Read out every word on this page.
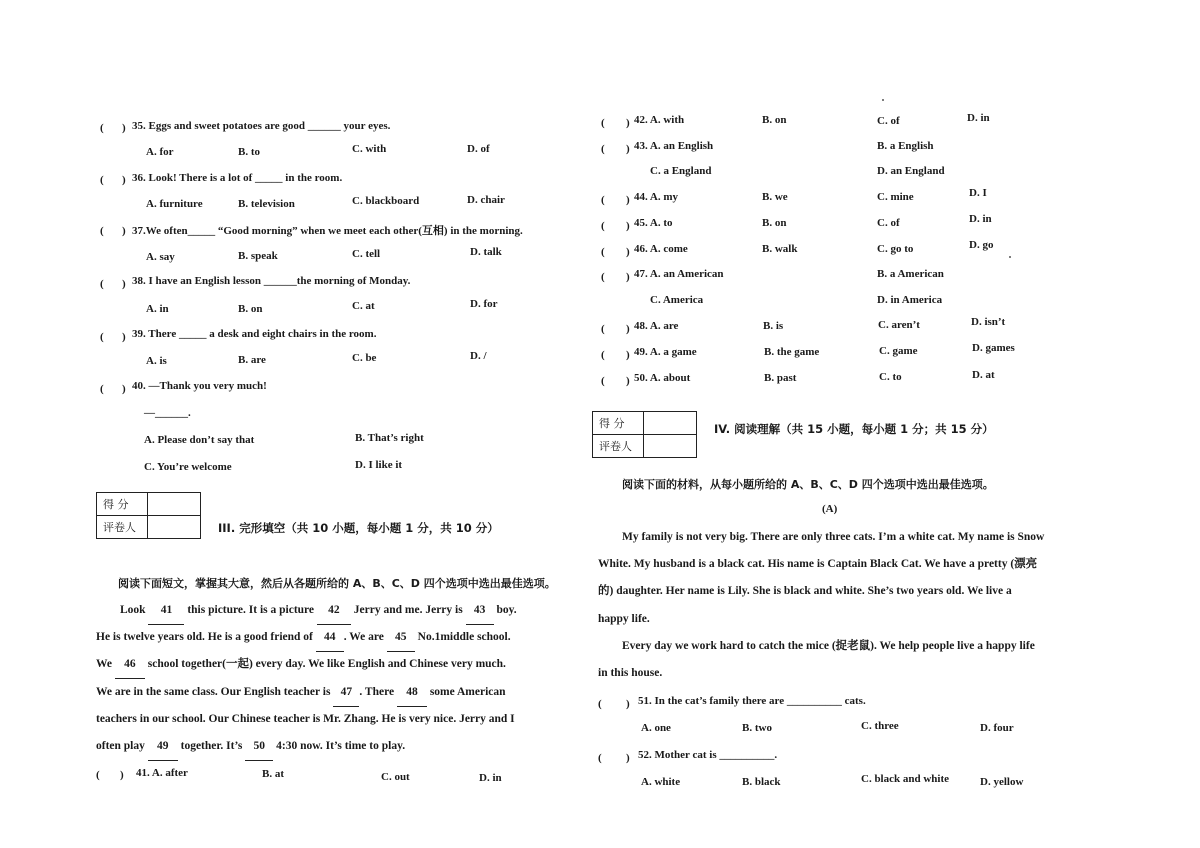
( ) 35. Eggs and sweet potatoes are good ______ your eyes.
A. for	B. to	C. with	D. of
( ) 36. Look! There is a lot of _____ in the room.
A. furniture	B. television	C. blackboard	D. chair
( ) 37.We often_____ “Good morning” when we meet each other(互相) in the morning.
A. say	B. speak	C. tell	D. talk
( ) 38. I have an English lesson ______the morning of Monday.
A. in	B. on	C. at	D. for
( ) 39. There _____ a desk and eight chairs in the room.
A. is	B. are	C. be	D. /
( ) 40. —Thank you very much!
—______.
A. Please don’t say that	B. That’s right
C. You’re welcome	D. I like it
得 分	
评卷人		III. 完形填空（共 10 小题，每小题 1 分，共 10 分）
阅读下面短文，掌握其大意，然后从各题所给的 A、B、C、D 四个选项中选出最佳选项。
Look 41 this picture. It is a picture 42 Jerry and me. Jerry is 43 boy.
He is twelve years old. He is a good friend of 44 . We are 45 No.1middle school.
We 46 school together(一起) every day. We like English and Chinese very much.
We are in the same class. Our English teacher is 47 . There 48 some American
teachers in our school. Our Chinese teacher is Mr. Zhang. He is very nice. Jerry and I
often play 49 together. It’s 50 4:30 now. It’s time to play.
( ) 41. A. after	B. at	C. out	D. in
( ) 42. A. with	B. on	C. of	D. in
( ) 43. A. an English	B. a English
C. a England	D. an England
( ) 44. A. my	B. we	C. mine	D. I
( ) 45. A. to	B. on	C. of	D. in
( ) 46. A. come	B. walk	C. go to	D. go
( ) 47. A. an American	B. a American
C. America	D. in America
( ) 48. A. are	B. is	C. aren’t	D. isn’t
( ) 49. A. a game	B. the game	C. game	D. games
( ) 50. A. about	B. past	C. to	D. at
得 分	
评卷人	
IV. 阅读理解（共 15 小题，每小题 1 分；共 15 分）
阅读下面的材料，从每小题所给的 A、B、C、D 四个选项中选出最佳选项。
(A)
My family is not very big. There are only three cats. I’m a white cat. My name is Snow
White. My husband is a black cat. His name is Captain Black Cat. We have a pretty (漂亮
的) daughter. Her name is Lily. She is black and white. She’s two years old. We live a
happy life.
Every day we work hard to catch the mice (捉老鼠). We help people live a happy life
in this house.
( ) 51. In the cat’s family there are __________ cats.
A. one	B. two	C. three	D. four
( ) 52. Mother cat is __________.
A. white	B. black	C. black and white	D. yellow
